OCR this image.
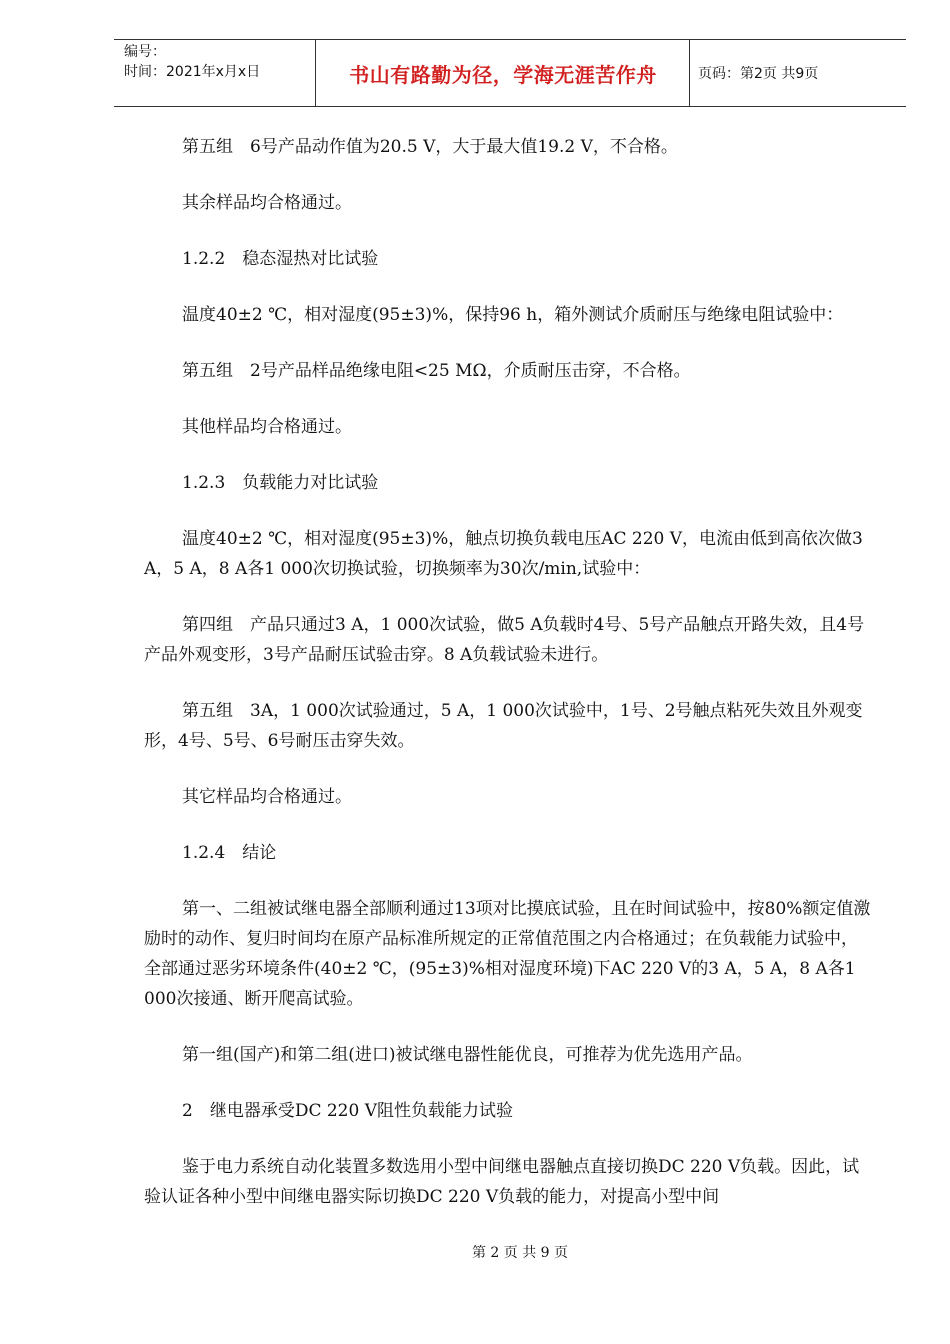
编号：
时间：2021年x月x日	书山有路勤为径，学海无涯苦作舟	页码：第2页 共9页

第五组　6号产品动作值为20.5 V，大于最大值19.2 V，不合格。

其余样品均合格通过。

1.2.2　稳态湿热对比试验

温度40±2 ℃，相对湿度(95±3)%，保持96 h，箱外测试介质耐压与绝缘电阻试验中：

第五组　2号产品样品绝缘电阻<25 MΩ，介质耐压击穿，不合格。

其他样品均合格通过。

1.2.3　负载能力对比试验

温度40±2 ℃，相对湿度(95±3)%，触点切换负载电压AC 220 V，电流由低到高依次做3 A，5 A，8 A各1 000次切换试验，切换频率为30次/min,试验中：

第四组　产品只通过3 A，1 000次试验，做5 A负载时4号、5号产品触点开路失效，且4号产品外观变形，3号产品耐压试验击穿。8 A负载试验未进行。

第五组　3A，1 000次试验通过，5 A，1 000次试验中，1号、2号触点粘死失效且外观变形，4号、5号、6号耐压击穿失效。

其它样品均合格通过。

1.2.4　结论

第一、二组被试继电器全部顺利通过13项对比摸底试验，且在时间试验中，按80%额定值激励时的动作、复归时间均在原产品标准所规定的正常值范围之内合格通过；在负载能力试验中，全部通过恶劣环境条件(40±2 ℃，(95±3)%相对湿度环境)下AC 220 V的3 A，5 A，8 A各1 000次接通、断开爬高试验。

第一组(国产)和第二组(进口)被试继电器性能优良，可推荐为优先选用产品。

2　继电器承受DC 220 V阻性负载能力试验

鉴于电力系统自动化装置多数选用小型中间继电器触点直接切换DC 220 V负载。因此，试验认证各种小型中间继电器实际切换DC 220 V负载的能力，对提高小型中间

第 2 页 共 9 页
